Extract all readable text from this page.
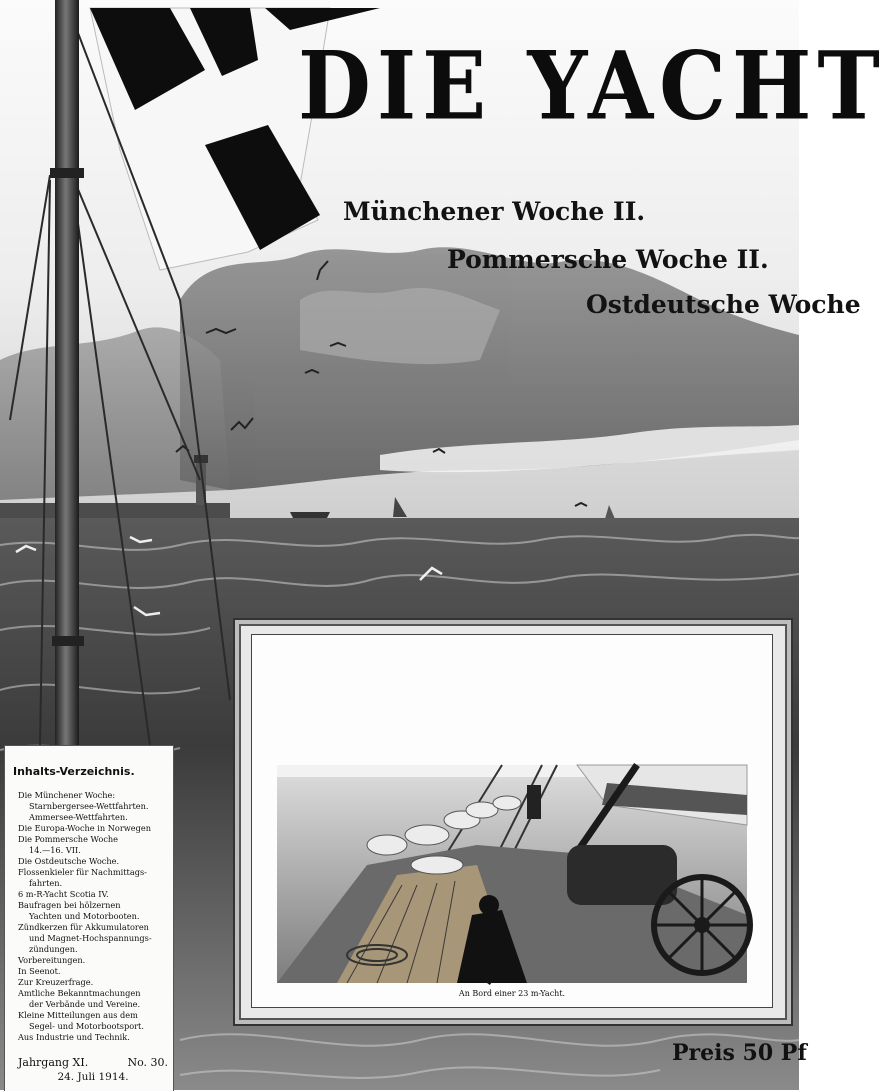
DIE YACHT
Münchener Woche II.
Pommersche Woche II.
Ostdeutsche Woche
An Bord einer 23 m-Yacht.
Inhalts-Verzeichnis.
Die Münchener Woche:
Starnbergersee-Wettfahrten.
Ammersee-Wettfahrten.
Die Europa-Woche in Norwegen
Die Pommersche Woche
14.—16. VII.
Die Ostdeutsche Woche.
Flossenkieler für Nachmittags-
fahrten.
6 m-R-Yacht Scotia IV.
Baufragen bei hölzernen
Yachten und Motorbooten.
Zündkerzen für Akkumulatoren
und Magnet-Hochspannungs-
zündungen.
Vorbereitungen.
In Seenot.
Zur Kreuzerfrage.
Amtliche Bekanntmachungen
der Verbände und Vereine.
Kleine Mitteilungen aus dem
Segel- und Motorbootsport.
Aus Industrie und Technik.
Jahrgang XI.	No. 30.
24. Juli 1914.
Preis 50 Pf
